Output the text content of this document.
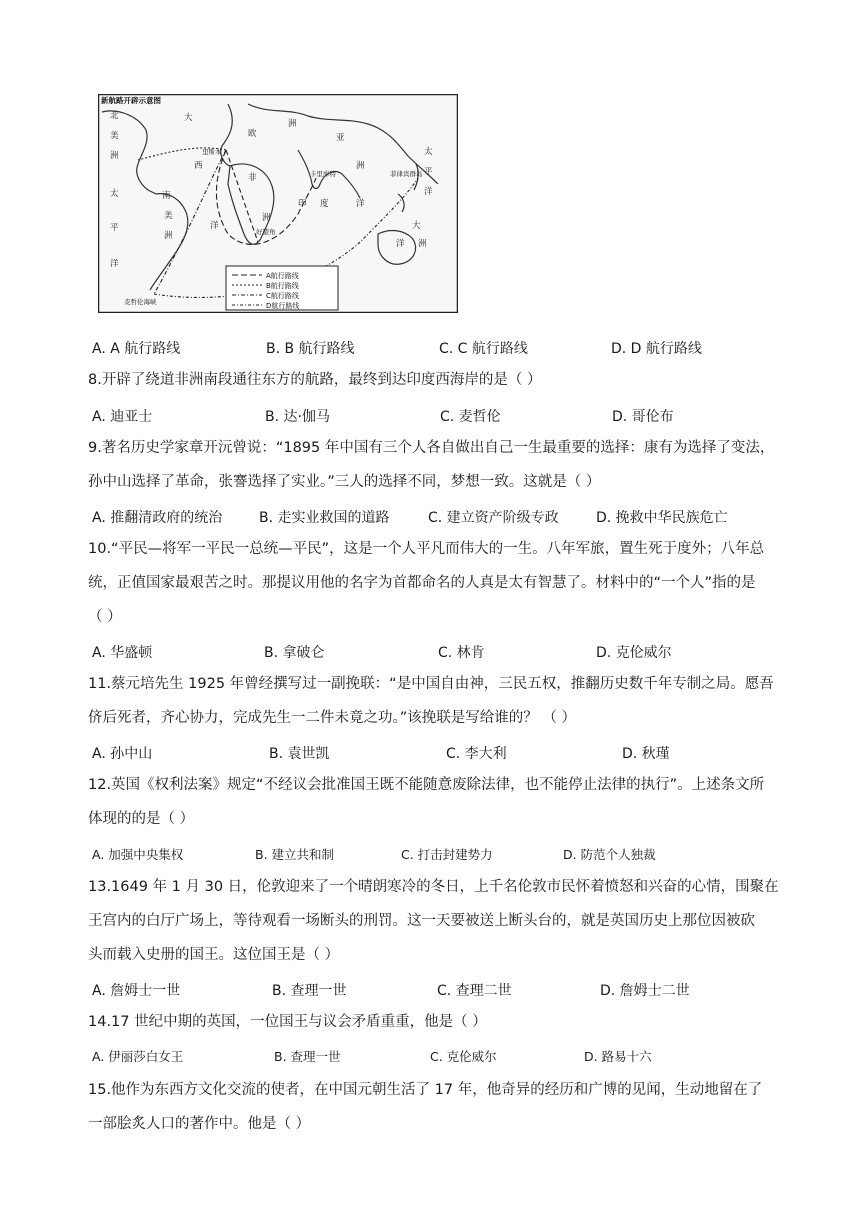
新航路开辟示意图
北
美
洲
大
西
洋
欧
洲
亚
洲
非
洲
南
美
洲
印 度	洋
大
洋 洲
太
平
洋
太
平
洋
里斯本
卡里库特	菲律宾群岛
好望角
麦哲伦海峡
A航行路线
B航行路线
C航行路线
D航行路线
A. A 航行路线	B. B 航行路线	C. C 航行路线	D. D 航行路线
8.开辟了绕道非洲南段通往东方的航路，最终到达印度西海岸的是（ ）
A. 迪亚士	B. 达·伽马	C. 麦哲伦	D. 哥伦布
9.著名历史学家章开沅曾说：“1895 年中国有三个人各自做出自己一生最重要的选择：康有为选择了变法，
孙中山选择了革命，张謇选择了实业。”三人的选择不同，梦想一致。这就是（ ）
A. 推翻清政府的统治	B. 走实业救国的道路	C. 建立资产阶级专政	D. 挽救中华民族危亡
10.“平民—将军一平民一总统—平民”，这是一个人平凡而伟大的一生。八年军旅，置生死于度外；八年总
统，正值国家最艰苦之时。那提议用他的名字为首都命名的人真是太有智慧了。材料中的“一个人”指的是
（ ）
A. 华盛顿	B. 拿破仑	C. 林肯	D. 克伦威尔
11.蔡元培先生 1925 年曾经撰写过一副挽联：“是中国自由神，三民五权，推翻历史数千年专制之局。愿吾
侪后死者，齐心协力，完成先生一二件未竟之功。”该挽联是写给谁的？ （ ）
A. 孙中山	B. 袁世凯	C. 李大利	D. 秋瑾
12.英国《权利法案》规定“不经议会批准国王既不能随意废除法律，也不能停止法律的执行”。上述条文所
体现的的是（ ）
A. 加强中央集权	B. 建立共和制	C. 打击封建势力	D. 防范个人独裁
13.1649 年 1 月 30 日，伦敦迎来了一个晴朗寒冷的冬日，上千名伦敦市民怀着愤怒和兴奋的心情，围聚在
王宫内的白厅广场上，等待观看一场断头的刑罚。这一天要被送上断头台的，就是英国历史上那位因被砍
头而载入史册的国王。这位国王是（ ）
A. 詹姆士一世	B. 查理一世	C. 查理二世	D. 詹姆士二世
14.17 世纪中期的英国，一位国王与议会矛盾重重，他是（ ）
A. 伊丽莎白女王	B. 查理一世	C. 克伦威尔	D. 路易十六
15.他作为东西方文化交流的使者，在中国元朝生活了 17 年，他奇异的经历和广博的见闻，生动地留在了
一部脍炙人口的著作中。他是（ ）
